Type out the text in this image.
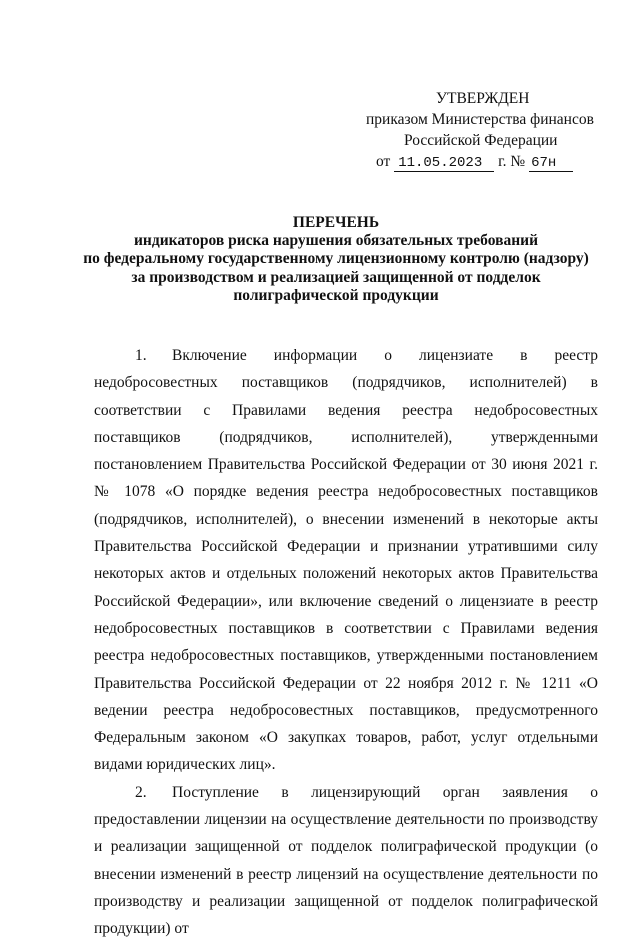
УТВЕРЖДЕН
приказом Министерства финансов
Российской Федерации
от 11.05.2023 г. № 67н
ПЕРЕЧЕНЬ
индикаторов риска нарушения обязательных требований
по федеральному государственному лицензионному контролю (надзору)
за производством и реализацией защищенной от подделок
полиграфической продукции

1. Включение информации о лицензиате в реестр недобросовестных поставщиков (подрядчиков, исполнителей) в соответствии с Правилами ведения реестра недобросовестных поставщиков (подрядчиков, исполнителей), утвержденными постановлением Правительства Российской Федерации от 30 июня 2021 г. № 1078 «О порядке ведения реестра недобросовестных поставщиков (подрядчиков, исполнителей), о внесении изменений в некоторые акты Правительства Российской Федерации и признании утратившими силу некоторых актов и отдельных положений некоторых актов Правительства Российской Федерации», или включение сведений о лицензиате в реестр недобросовестных поставщиков в соответствии с Правилами ведения реестра недобросовестных поставщиков, утвержденными постановлением Правительства Российской Федерации от 22 ноября 2012 г. № 1211 «О ведении реестра недобросовестных поставщиков, предусмотренного Федеральным законом «О закупках товаров, работ, услуг отдельными видами юридических лиц».

2. Поступление в лицензирующий орган заявления о предоставлении лицензии на осуществление деятельности по производству и реализации защищенной от подделок полиграфической продукции (о внесении изменений в реестр лицензий на осуществление деятельности по производству и реализации защищенной от подделок полиграфической продукции) от
